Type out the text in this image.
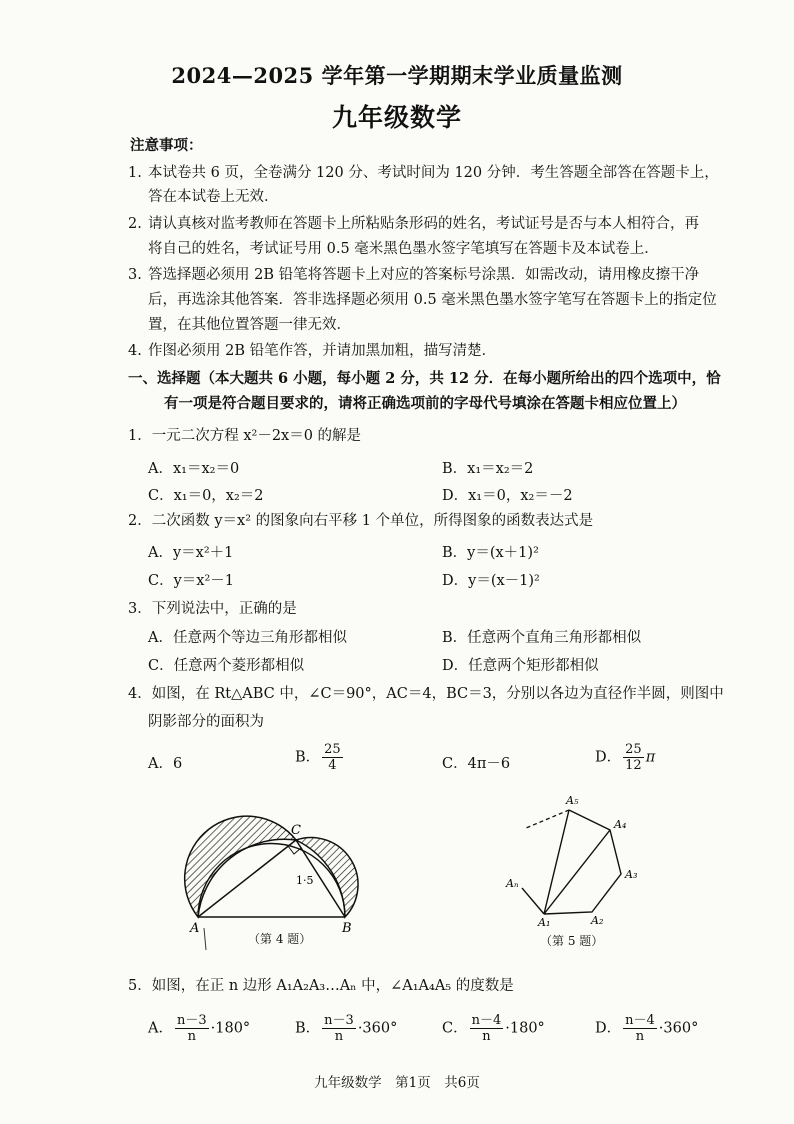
2024—2025 学年第一学期期末学业质量监测
九年级数学
注意事项：
1. 本试卷共 6 页，全卷满分 120 分、考试时间为 120 分钟．考生答题全部答在答题卡上，
答在本试卷上无效．
2. 请认真核对监考教师在答题卡上所粘贴条形码的姓名，考试证号是否与本人相符合，再
将自己的姓名，考试证号用 0.5 毫米黑色墨水签字笔填写在答题卡及本试卷上．
3. 答选择题必须用 2B 铅笔将答题卡上对应的答案标号涂黑．如需改动，请用橡皮擦干净
后，再选涂其他答案．答非选择题必须用 0.5 毫米黑色墨水签字笔写在答题卡上的指定位
置，在其他位置答题一律无效．
4. 作图必须用 2B 铅笔作答，并请加黑加粗，描写清楚．
一、选择题（本大题共 6 小题，每小题 2 分，共 12 分．在每小题所给出的四个选项中，恰
有一项是符合题目要求的，请将正确选项前的字母代号填涂在答题卡相应位置上）
1．一元二次方程 x²－2x＝0 的解是
A．x₁＝x₂＝0	B．x₁＝x₂＝2
C．x₁＝0，x₂＝2	D．x₁＝0，x₂＝－2
2．二次函数 y＝x² 的图象向右平移 1 个单位，所得图象的函数表达式是
A．y＝x²＋1	B．y＝(x＋1)²
C．y＝x²－1	D．y＝(x－1)²
3．下列说法中，正确的是
A．任意两个等边三角形都相似	B．任意两个直角三角形都相似
C．任意两个菱形都相似	D．任意两个矩形都相似
4．如图，在 Rt△ABC 中，∠C＝90°，AC＝4，BC＝3，分别以各边为直径作半圆，则图中
阴影部分的面积为
A．6	B． $\frac{25}{4}$	C．4π－6	D． $\frac{25}{12}$ π
A	B
C
1·5
（第 4 题）
A₅
A₄
A₃
A₂
A₁
Aₙ
（第 5 题）
5．如图，在正 n 边形 A₁A₂A₃…Aₙ 中，∠A₁A₄A₅ 的度数是
A． $\frac{n-3}{n} \cdot 180^\circ$	B． $\frac{n-3}{n} \cdot 360^\circ$	C． $\frac{n-4}{n} \cdot 180^\circ$	D． $\frac{n-4}{n} \cdot 360^\circ$
九年级数学　第1页　共6页
